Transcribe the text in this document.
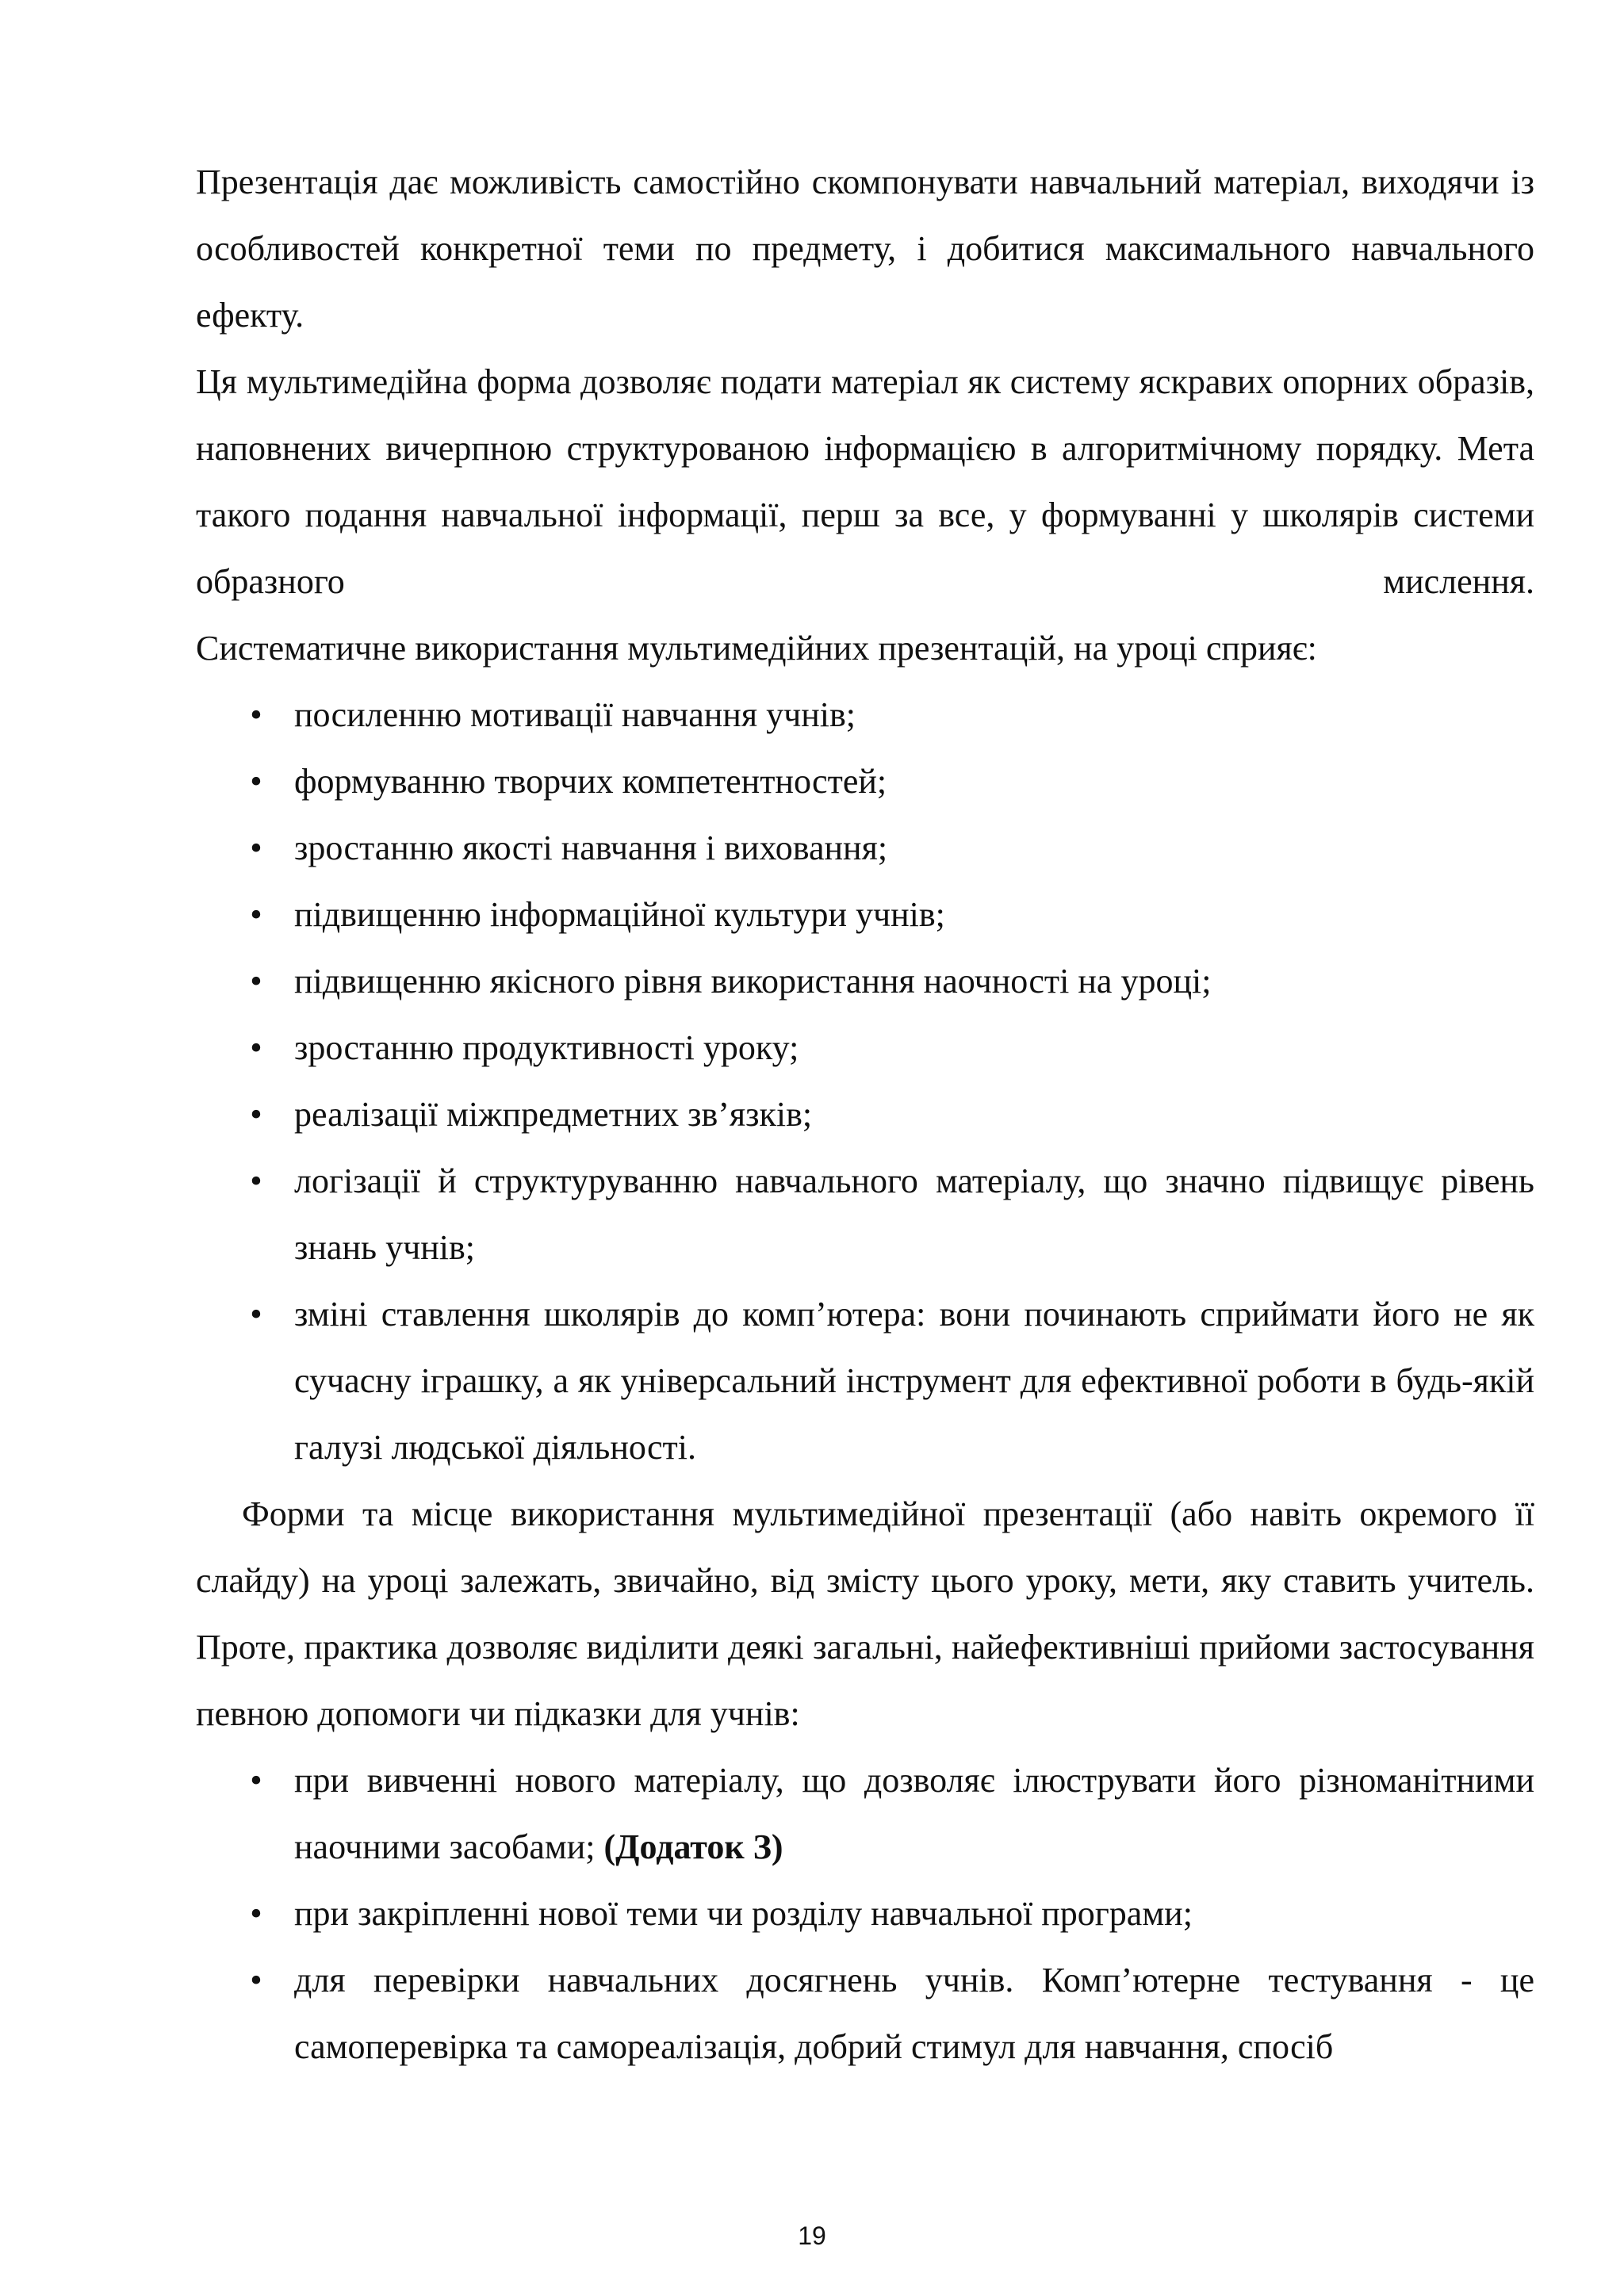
Презентація дає можливість самостійно скомпонувати навчальний матеріал, виходячи із особливостей конкретної теми по предмету, і добитися максимального навчального ефекту.

Ця мультимедійна форма дозволяє подати матеріал як систему яскравих опорних образів, наповнених вичерпною структурованою інформацією в алгоритмічному порядку. Мета такого подання навчальної інформації, перш за все, у формуванні у школярів системи образного мислення.

Систематичне використання мультимедійних презентацій, на уроці сприяє:

• посиленню мотивації навчання учнів;
• формуванню творчих компетентностей;
• зростанню якості навчання і виховання;
• підвищенню інформаційної культури учнів;
• підвищенню якісного рівня використання наочності на уроці;
• зростанню продуктивності уроку;
• реалізації міжпредметних зв’язків;
• логізації й структуруванню навчального матеріалу, що значно підвищує рівень знань учнів;
• зміні ставлення школярів до комп’ютера: вони починають сприймати його не як сучасну іграшку, а як універсальний інструмент для ефективної роботи в будь-якій галузі людської діяльності.

Форми та місце використання мультимедійної презентації (або навіть окремого її слайду) на уроці залежать, звичайно, від змісту цього уроку, мети, яку ставить учитель. Проте, практика дозволяє виділити деякі загальні, найефективніші прийоми застосування певною допомоги чи підказки для учнів:

• при вивченні нового матеріалу, що дозволяє ілюструвати його різноманітними наочними засобами; (Додаток З)
• при закріпленні нової теми чи розділу навчальної програми;
• для перевірки навчальних досягнень учнів. Комп’ютерне тестування - це самоперевірка та самореалізація, добрий стимул для навчання, спосіб
19
